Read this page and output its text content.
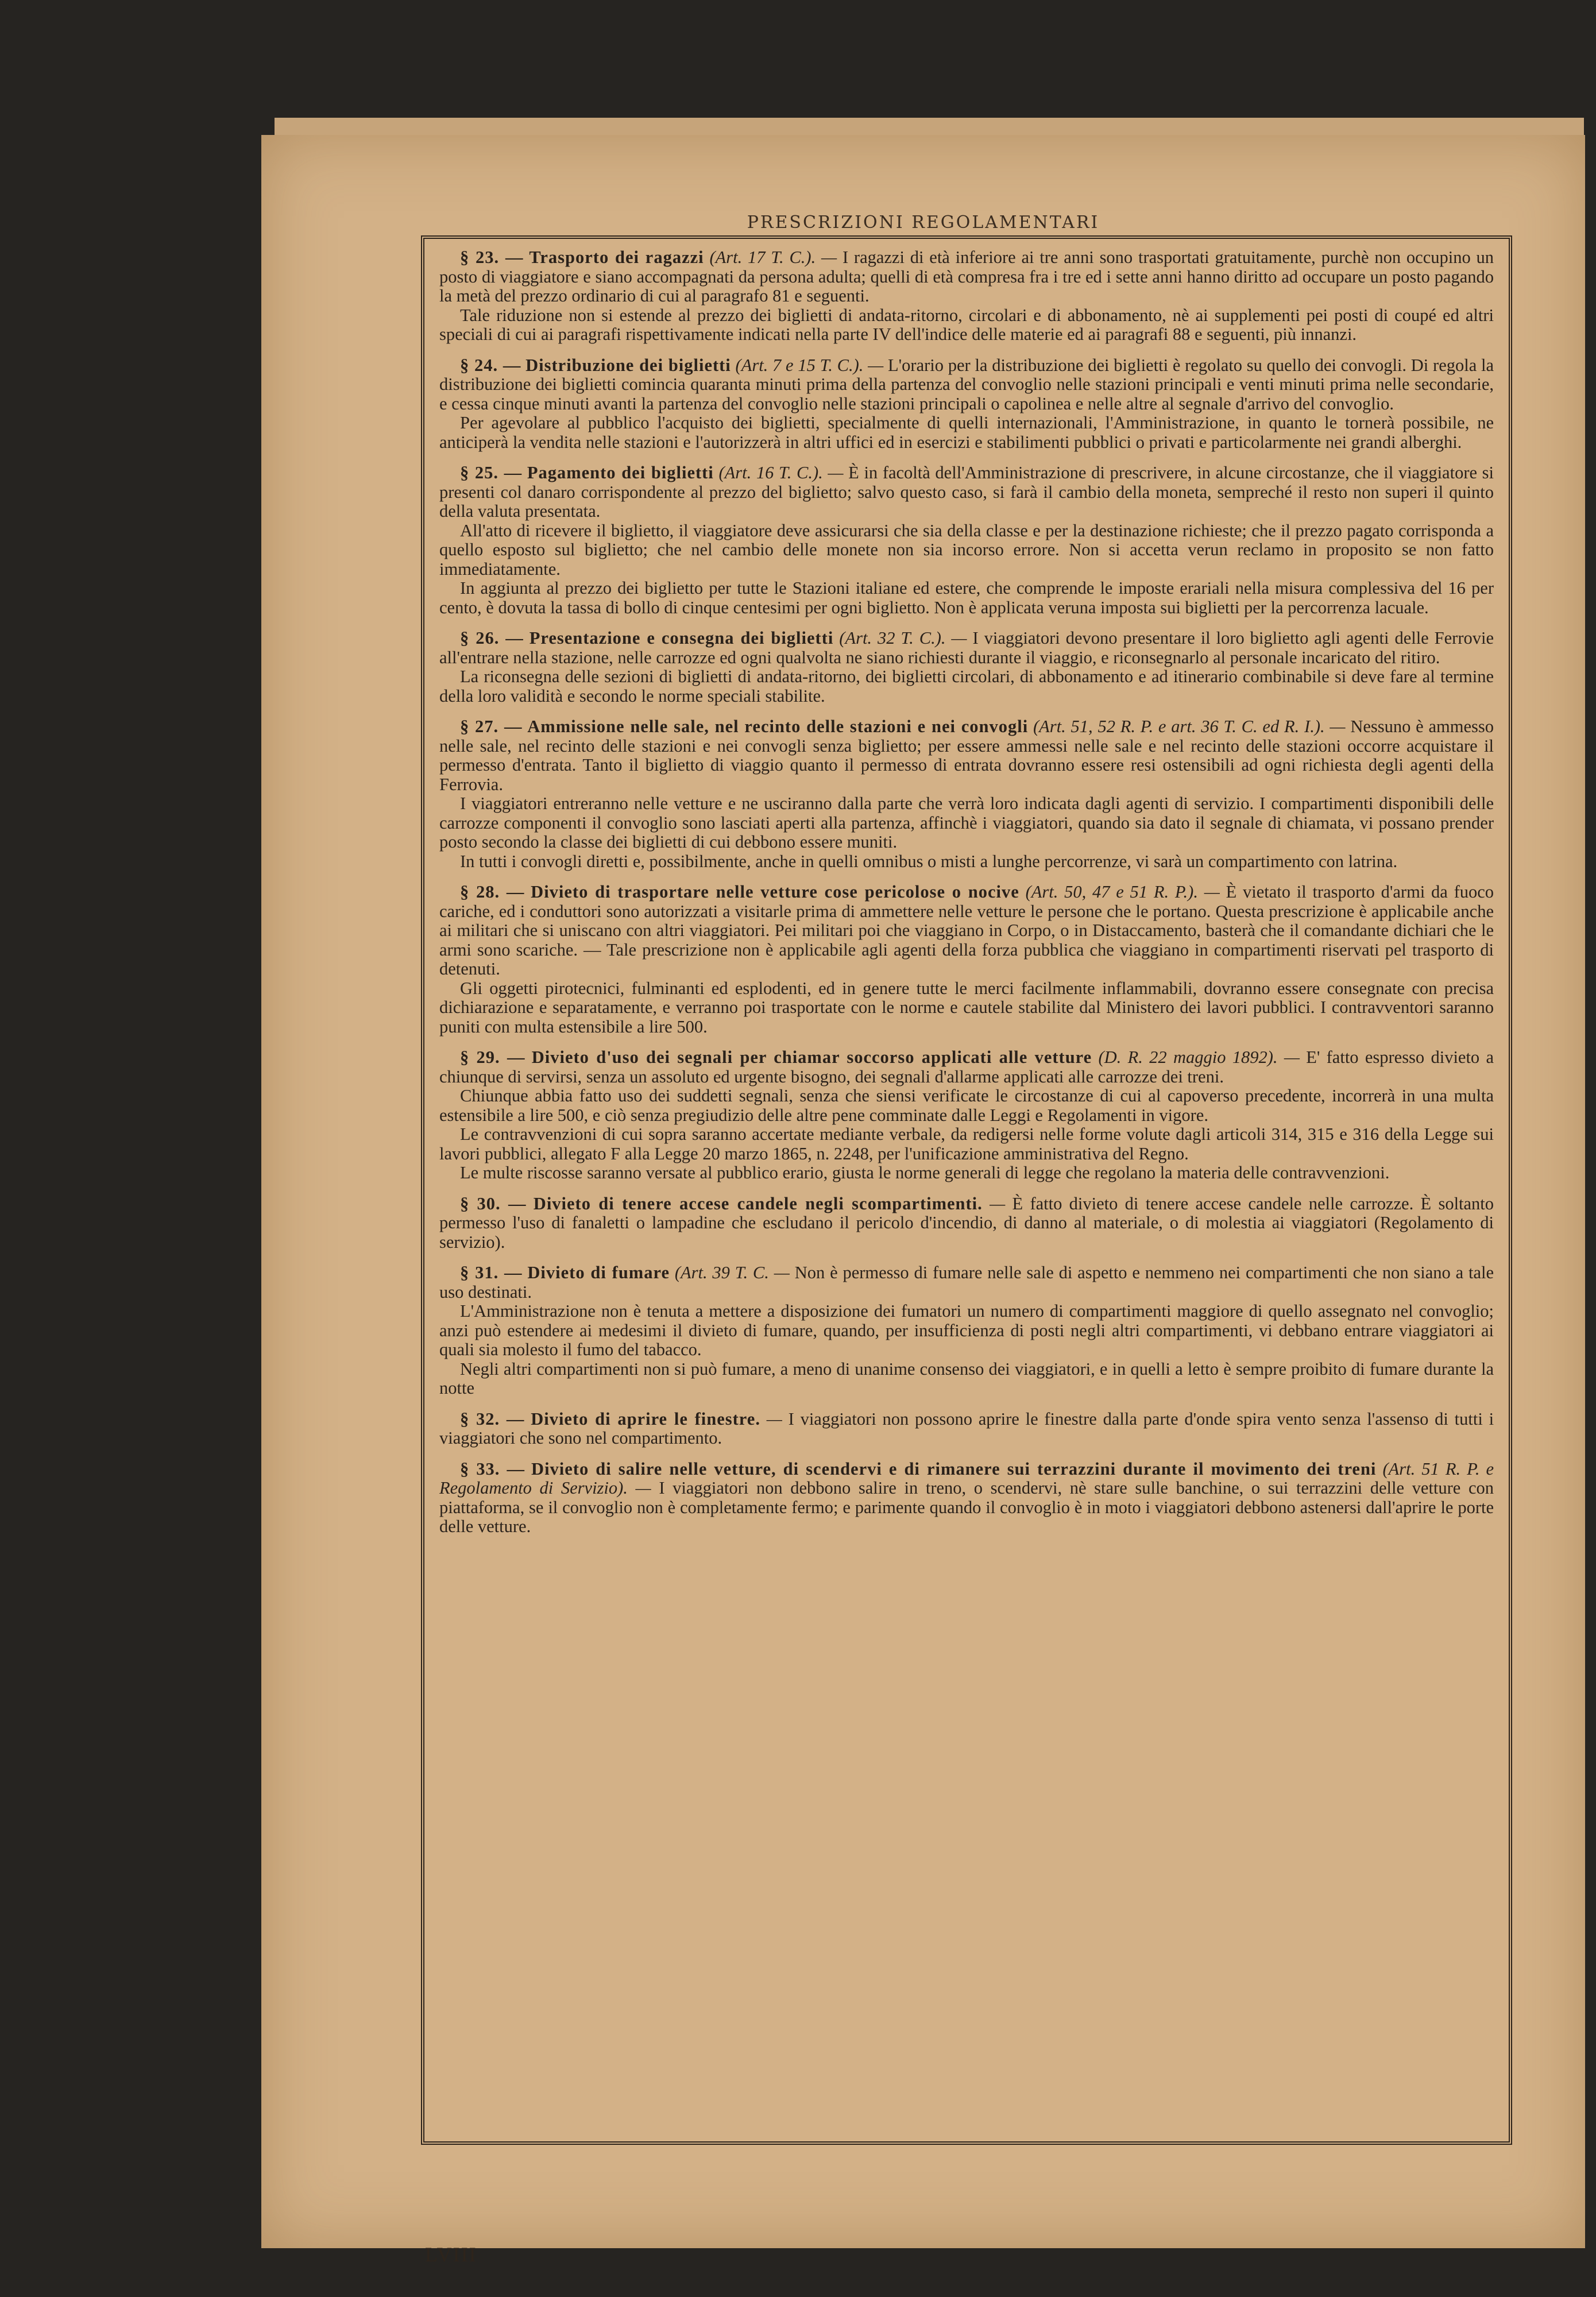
PRESCRIZIONI REGOLAMENTARI

§ 23. — Trasporto dei ragazzi (Art. 17 T. C.). — I ragazzi di età inferiore ai tre anni sono trasportati gratuitamente, purchè non occupino un posto di viaggiatore e siano accompagnati da persona adulta; quelli di età compresa fra i tre ed i sette anni hanno diritto ad occupare un posto pagando la metà del prezzo ordinario di cui al paragrafo 81 e seguenti.

Tale riduzione non si estende al prezzo dei biglietti di andata-ritorno, circolari e di abbonamento, nè ai supplementi pei posti di coupé ed altri speciali di cui ai paragrafi rispettivamente indicati nella parte IV dell'indice delle materie ed ai paragrafi 88 e seguenti, più innanzi.

§ 24. — Distribuzione dei biglietti (Art. 7 e 15 T. C.). — L'orario per la distribuzione dei biglietti è regolato su quello dei convogli. Di regola la distribuzione dei biglietti comincia quaranta minuti prima della partenza del convoglio nelle stazioni principali e venti minuti prima nelle secondarie, e cessa cinque minuti avanti la partenza del convoglio nelle stazioni principali o capolinea e nelle altre al segnale d'arrivo del convoglio.

Per agevolare al pubblico l'acquisto dei biglietti, specialmente di quelli internazionali, l'Amministrazione, in quanto le tornerà possibile, ne anticiperà la vendita nelle stazioni e l'autorizzerà in altri uffici ed in esercizi e stabilimenti pubblici o privati e particolarmente nei grandi alberghi.

§ 25. — Pagamento dei biglietti (Art. 16 T. C.). — È in facoltà dell'Amministrazione di prescrivere, in alcune circostanze, che il viaggiatore si presenti col danaro corrispondente al prezzo del biglietto; salvo questo caso, si farà il cambio della moneta, sempreché il resto non superi il quinto della valuta presentata.

All'atto di ricevere il biglietto, il viaggiatore deve assicurarsi che sia della classe e per la destinazione richieste; che il prezzo pagato corrisponda a quello esposto sul biglietto; che nel cambio delle monete non sia incorso errore. Non si accetta verun reclamo in proposito se non fatto immediatamente.

In aggiunta al prezzo dei biglietto per tutte le Stazioni italiane ed estere, che comprende le imposte erariali nella misura complessiva del 16 per cento, è dovuta la tassa di bollo di cinque centesimi per ogni biglietto. Non è applicata veruna imposta sui biglietti per la percorrenza lacuale.

§ 26. — Presentazione e consegna dei biglietti (Art. 32 T. C.). — I viaggiatori devono presentare il loro biglietto agli agenti delle Ferrovie all'entrare nella stazione, nelle carrozze ed ogni qualvolta ne siano richiesti durante il viaggio, e riconsegnarlo al personale incaricato del ritiro.

La riconsegna delle sezioni di biglietti di andata-ritorno, dei biglietti circolari, di abbonamento e ad itinerario combinabile si deve fare al termine della loro validità e secondo le norme speciali stabilite.

§ 27. — Ammissione nelle sale, nel recinto delle stazioni e nei convogli (Art. 51, 52 R. P. e art. 36 T. C. ed R. I.). — Nessuno è ammesso nelle sale, nel recinto delle stazioni e nei convogli senza biglietto; per essere ammessi nelle sale e nel recinto delle stazioni occorre acquistare il permesso d'entrata. Tanto il biglietto di viaggio quanto il permesso di entrata dovranno essere resi ostensibili ad ogni richiesta degli agenti della Ferrovia.

I viaggiatori entreranno nelle vetture e ne usciranno dalla parte che verrà loro indicata dagli agenti di servizio. I compartimenti disponibili delle carrozze componenti il convoglio sono lasciati aperti alla partenza, affinchè i viaggiatori, quando sia dato il segnale di chiamata, vi possano prender posto secondo la classe dei biglietti di cui debbono essere muniti.

In tutti i convogli diretti e, possibilmente, anche in quelli omnibus o misti a lunghe percorrenze, vi sarà un compartimento con latrina.

§ 28. — Divieto di trasportare nelle vetture cose pericolose o nocive (Art. 50, 47 e 51 R. P.). — È vietato il trasporto d'armi da fuoco cariche, ed i conduttori sono autorizzati a visitarle prima di ammettere nelle vetture le persone che le portano. Questa prescrizione è applicabile anche ai militari che si uniscano con altri viaggiatori. Pei militari poi che viaggiano in Corpo, o in Distaccamento, basterà che il comandante dichiari che le armi sono scariche. — Tale prescrizione non è applicabile agli agenti della forza pubblica che viaggiano in compartimenti riservati pel trasporto di detenuti.

Gli oggetti pirotecnici, fulminanti ed esplodenti, ed in genere tutte le merci facilmente inflammabili, dovranno essere consegnate con precisa dichiarazione e separatamente, e verranno poi trasportate con le norme e cautele stabilite dal Ministero dei lavori pubblici. I contravventori saranno puniti con multa estensibile a lire 500.

§ 29. — Divieto d'uso dei segnali per chiamar soccorso applicati alle vetture (D. R. 22 maggio 1892). — E' fatto espresso divieto a chiunque di servirsi, senza un assoluto ed urgente bisogno, dei segnali d'allarme applicati alle carrozze dei treni.

Chiunque abbia fatto uso dei suddetti segnali, senza che siensi verificate le circostanze di cui al capoverso precedente, incorrerà in una multa estensibile a lire 500, e ciò senza pregiudizio delle altre pene comminate dalle Leggi e Regolamenti in vigore.

Le contravvenzioni di cui sopra saranno accertate mediante verbale, da redigersi nelle forme volute dagli articoli 314, 315 e 316 della Legge sui lavori pubblici, allegato F alla Legge 20 marzo 1865, n. 2248, per l'unificazione amministrativa del Regno.

Le multe riscosse saranno versate al pubblico erario, giusta le norme generali di legge che regolano la materia delle contravvenzioni.

§ 30. — Divieto di tenere accese candele negli scompartimenti. — È fatto divieto di tenere accese candele nelle carrozze. È soltanto permesso l'uso di fanaletti o lampadine che escludano il pericolo d'incendio, di danno al materiale, o di molestia ai viaggiatori (Regolamento di servizio).

§ 31. — Divieto di fumare (Art. 39 T. C. — Non è permesso di fumare nelle sale di aspetto e nemmeno nei compartimenti che non siano a tale uso destinati.

L'Amministrazione non è tenuta a mettere a disposizione dei fumatori un numero di compartimenti maggiore di quello assegnato nel convoglio; anzi può estendere ai medesimi il divieto di fumare, quando, per insufficienza di posti negli altri compartimenti, vi debbano entrare viaggiatori ai quali sia molesto il fumo del tabacco.

Negli altri compartimenti non si può fumare, a meno di unanime consenso dei viaggiatori, e in quelli a letto è sempre proibito di fumare durante la notte

§ 32. — Divieto di aprire le finestre. — I viaggiatori non possono aprire le finestre dalla parte d'onde spira vento senza l'assenso di tutti i viaggiatori che sono nel compartimento.

§ 33. — Divieto di salire nelle vetture, di scendervi e di rimanere sui terrazzini durante il movimento dei treni (Art. 51 R. P. e Regolamento di Servizio). — I viaggiatori non debbono salire in treno, o scendervi, nè stare sulle banchine, o sui terrazzini delle vetture con piattaforma, se il convoglio non è completamente fermo; e parimente quando il convoglio è in moto i viaggiatori debbono astenersi dall'aprire le porte delle vetture.

LVIII
